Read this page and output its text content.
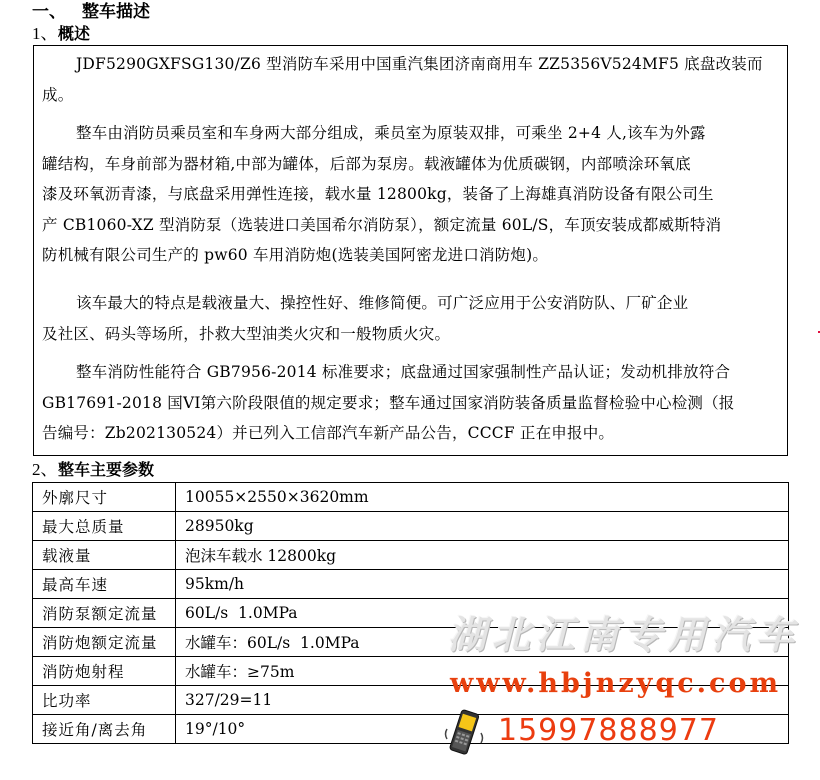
一、 整车描述
1、概述
JDF5290GXFSG130/Z6 型消防车采用中国重汽集团济南商用车 ZZ5356V524MF5 底盘改装而
成。
整车由消防员乘员室和车身两大部分组成，乘员室为原装双排，可乘坐 2+4 人,该车为外露
罐结构，车身前部为器材箱,中部为罐体，后部为泵房。载液罐体为优质碳钢，内部喷涂环氧底
漆及环氧沥青漆，与底盘采用弹性连接，载水量 12800kg，装备了上海雄真消防设备有限公司生
产 CB1060-XZ 型消防泵（选装进口美国希尔消防泵），额定流量 60L/S，车顶安装成都威斯特消
防机械有限公司生产的 pw60 车用消防炮(选装美国阿密龙进口消防炮)。
该车最大的特点是载液量大、操控性好、维修简便。可广泛应用于公安消防队、厂矿企业
及社区、码头等场所，扑救大型油类火灾和一般物质火灾。
整车消防性能符合 GB7956-2014 标准要求；底盘通过国家强制性产品认证；发动机排放符合
GB17691-2018 国VI第六阶段限值的规定要求；整车通过国家消防装备质量监督检验中心检测（报
告编号：Zb202130524）并已列入工信部汽车新产品公告，CCCF 正在申报中。
2、整车主要参数
外廓尺寸	10055×2550×3620mm
最大总质量	28950kg
载液量	泡沫车载水 12800kg
最高车速	95km/h
消防泵额定流量	60L/s  1.0MPa
消防炮额定流量	水罐车：60L/s  1.0MPa
消防炮射程	水罐车：≥75m
比功率	327/29=11
接近角/离去角	19°/10°
湖北江南专用汽车
www.hbjnzyqc.com
15997888977
